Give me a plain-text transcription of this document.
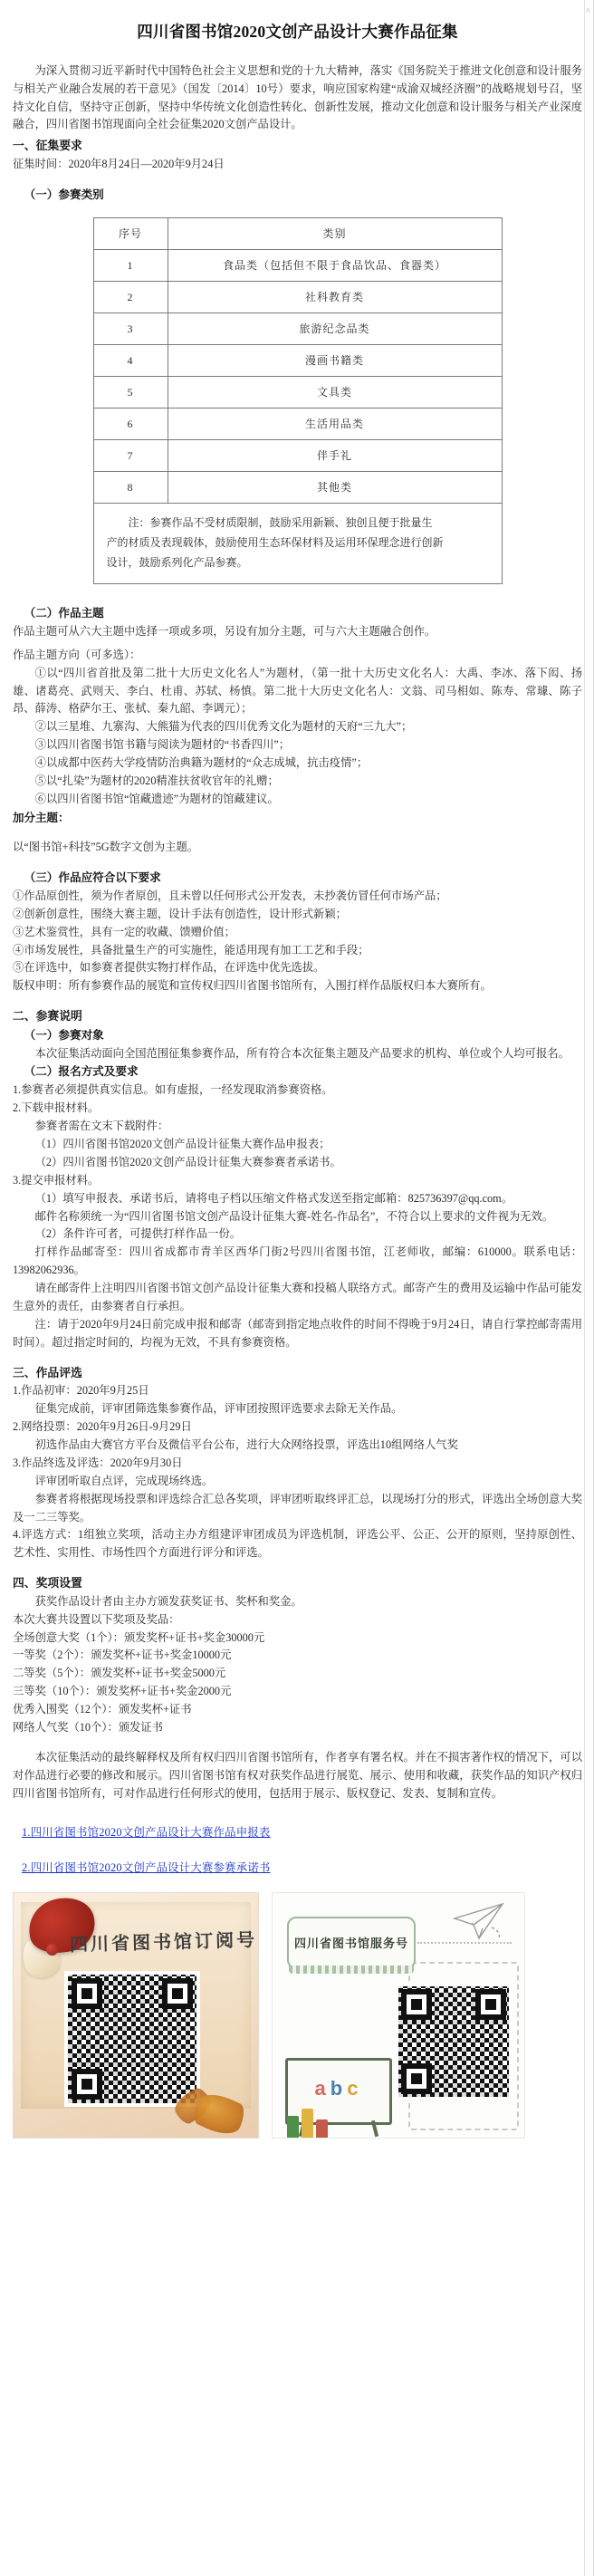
^
四川省图书馆2020文创产品设计大赛作品征集

为深入贯彻习近平新时代中国特色社会主义思想和党的十九大精神，落实《国务院关于推进文化创意和设计服务与相关产业融合发展的若干意见》（国发〔2014〕10号）要求，响应国家构建“成渝双城经济圈”的战略规划号召，坚持文化自信，坚持守正创新，坚持中华传统文化创造性转化、创新性发展，推动文化创意和设计服务与相关产业深度融合，四川省图书馆现面向全社会征集2020文创产品设计。

一、征集要求

征集时间：2020年8月24日—2020年9月24日

（一）参赛类别

序号	类别
1	食品类（包括但不限于食品饮品、食器类）
2	社科教育类
3	旅游纪念品类
4	漫画书籍类
5	文具类
6	生活用品类
7	伴手礼
8	其他类
注：参赛作品不受材质限制，鼓励采用新颖、独创且便于批量生
产的材质及表现载体，鼓励使用生态环保材料及运用环保理念进行创新
设计，鼓励系列化产品参赛。	

（二）作品主题

作品主题可从六大主题中选择一项或多项，另设有加分主题，可与六大主题融合创作。

作品主题方向（可多选）：

①以“四川省首批及第二批十大历史文化名人”为题材，（第一批十大历史文化名人：大禹、李冰、落下闳、扬雄、诸葛亮、武则天、李白、杜甫、苏轼、杨慎。第二批十大历史文化名人：文翁、司马相如、陈寿、常璩、陈子昂、薛涛、格萨尔王、张栻、秦九韶、李调元）；

②以三星堆、九寨沟、大熊猫为代表的四川优秀文化为题材的天府“三九大”；

③以四川省图书馆书籍与阅读为题材的“书香四川”；

④以成都中医药大学疫情防治典籍为题材的“众志成城，抗击疫情”；

⑤以“扎染”为题材的2020精准扶贫收官年的礼赠；

⑥以四川省图书馆“馆藏遗迹”为题材的馆藏建议。

加分主题：

以“图书馆+科技”5G数字文创为主题。

（三）作品应符合以下要求

①作品原创性，须为作者原创，且未曾以任何形式公开发表，未抄袭仿冒任何市场产品；

②创新创意性，围绕大赛主题，设计手法有创造性，设计形式新颖；

③艺术鉴赏性，具有一定的收藏、馈赠价值；

④市场发展性，具备批量生产的可实施性，能适用现有加工工艺和手段；

⑤在评选中，如参赛者提供实物打样作品，在评选中优先选拔。

版权申明：所有参赛作品的展览和宣传权归四川省图书馆所有，入围打样作品版权归本大赛所有。

二、参赛说明

（一）参赛对象

本次征集活动面向全国范围征集参赛作品，所有符合本次征集主题及产品要求的机构、单位或个人均可报名。

（二）报名方式及要求

1.参赛者必须提供真实信息。如有虚报，一经发现取消参赛资格。

2.下载申报材料。

参赛者需在文末下载附件：

（1）四川省图书馆2020文创产品设计征集大赛作品申报表；

（2）四川省图书馆2020文创产品设计征集大赛参赛者承诺书。

3.提交申报材料。

（1）填写申报表、承诺书后，请将电子档以压缩文件格式发送至指定邮箱：825736397@qq.com。

邮件名称须统一为“四川省图书馆文创产品设计征集大赛-姓名-作品名”，不符合以上要求的文件视为无效。

（2）条件许可者，可提供打样作品一份。

打样作品邮寄至：四川省成都市青羊区西华门街2号四川省图书馆，江老师收，邮编：610000。联系电话：13982062936。

请在邮寄件上注明四川省图书馆文创产品设计征集大赛和投稿人联络方式。邮寄产生的费用及运输中作品可能发生意外的责任，由参赛者自行承担。

注：请于2020年9月24日前完成申报和邮寄（邮寄到指定地点收件的时间不得晚于9月24日，请自行掌控邮寄需用时间）。超过指定时间的，均视为无效，不具有参赛资格。

三、作品评选

1.作品初审：2020年9月25日

征集完成前，评审团筛选集参赛作品，评审团按照评选要求去除无关作品。

2.网络投票：2020年9月26日-9月29日

初选作品由大赛官方平台及微信平台公布，进行大众网络投票，评选出10组网络人气奖

3.作品终选及评选：2020年9月30日

评审团听取自点评，完成现场终选。

参赛者将根据现场投票和评选综合汇总各奖项，评审团听取终评汇总，以现场打分的形式，评选出全场创意大奖及一二三等奖。

4.评选方式：1组独立奖项，活动主办方组建评审团成员为评选机制，评选公平、公正、公开的原则，坚持原创性、艺术性、实用性、市场性四个方面进行评分和评选。

四、奖项设置

获奖作品设计者由主办方颁发获奖证书、奖杯和奖金。

本次大赛共设置以下奖项及奖品：

全场创意大奖（1个）：颁发奖杯+证书+奖金30000元

一等奖（2个）：颁发奖杯+证书+奖金10000元

二等奖（5个）：颁发奖杯+证书+奖金5000元

三等奖（10个）：颁发奖杯+证书+奖金2000元

优秀入围奖（12个）：颁发奖杯+证书

网络人气奖（10个）：颁发证书

本次征集活动的最终解释权及所有权归四川省图书馆所有，作者享有署名权。并在不损害著作权的情况下，可以对作品进行必要的修改和展示。四川省图书馆有权对获奖作品进行展览、展示、使用和收藏，获奖作品的知识产权归四川省图书馆所有，可对作品进行任何形式的使用，包括用于展示、版权登记、发表、复制和宣传。

1.四川省图书馆2020文创产品设计大赛作品申报表
2.四川省图书馆2020文创产品设计大赛参赛承诺书
四川省图书馆订阅号	四川省图书馆服务号
abc
